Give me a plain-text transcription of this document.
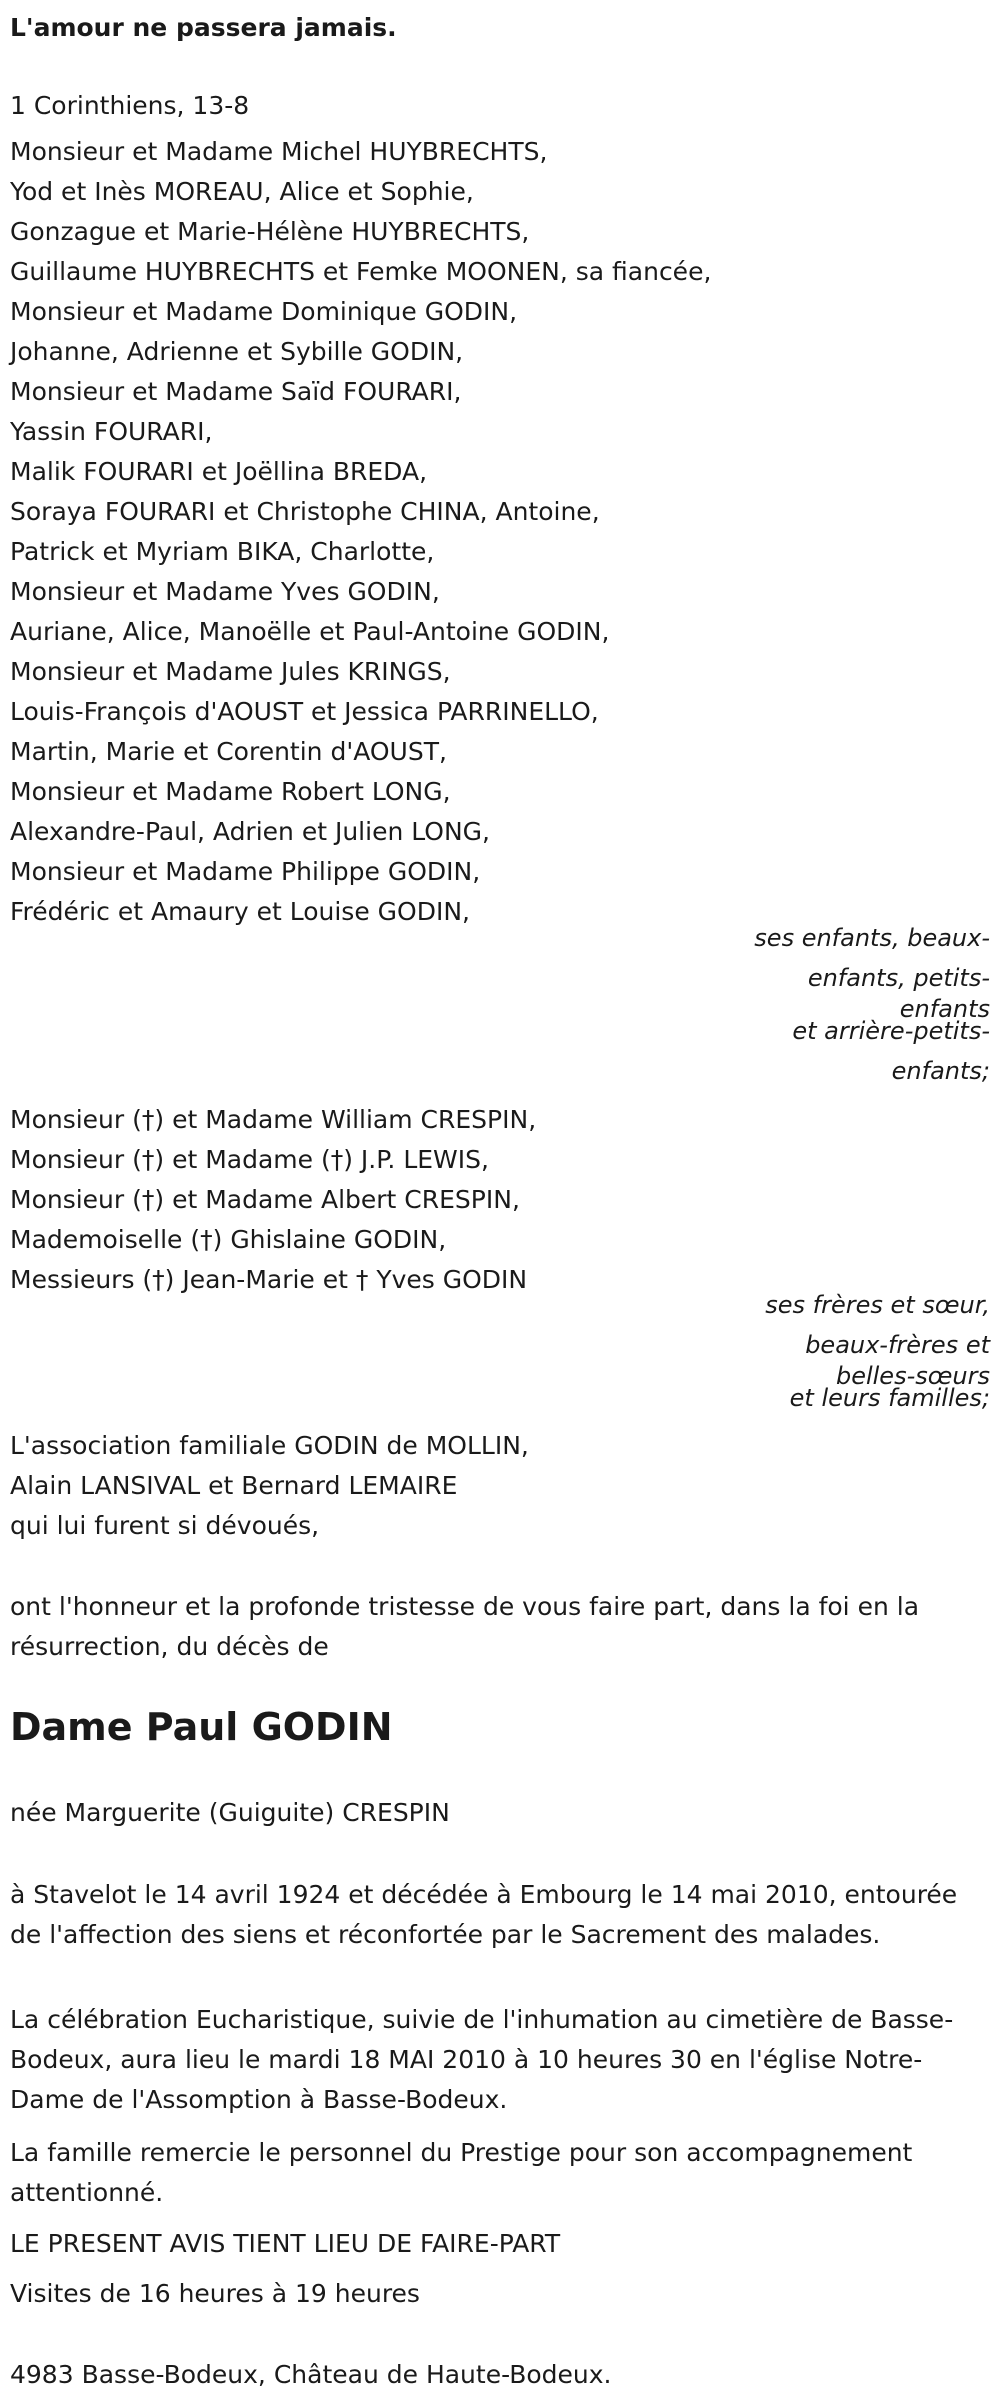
L'amour ne passera jamais.
1 Corinthiens, 13-8
Monsieur et Madame Michel HUYBRECHTS,
Yod et Inès MOREAU, Alice et Sophie,
Gonzague et Marie-Hélène HUYBRECHTS,
Guillaume HUYBRECHTS et Femke MOONEN, sa fiancée,
Monsieur et Madame Dominique GODIN,
Johanne, Adrienne et Sybille GODIN,
Monsieur et Madame Saïd FOURARI,
Yassin FOURARI,
Malik FOURARI et Joëllina BREDA,
Soraya FOURARI et Christophe CHINA, Antoine,
Patrick et Myriam BIKA, Charlotte,
Monsieur et Madame Yves GODIN,
Auriane, Alice, Manoëlle et Paul-Antoine GODIN,
Monsieur et Madame Jules KRINGS,
Louis-François d'AOUST et Jessica PARRINELLO,
Martin, Marie et Corentin d'AOUST,
Monsieur et Madame Robert LONG,
Alexandre-Paul, Adrien et Julien LONG,
Monsieur et Madame Philippe GODIN,
Frédéric et Amaury et Louise GODIN,
ses enfants, beaux-
enfants, petits-
enfants
et arrière-petits-
enfants;
Monsieur (†) et Madame William CRESPIN,
Monsieur (†) et Madame (†) J.P. LEWIS,
Monsieur (†) et Madame Albert CRESPIN,
Mademoiselle (†) Ghislaine GODIN,
Messieurs (†) Jean-Marie et † Yves GODIN
ses frères et sœur,
beaux-frères et
belles-sœurs
et leurs familles;
L'association familiale GODIN de MOLLIN,
Alain LANSIVAL et Bernard LEMAIRE
qui lui furent si dévoués,
ont l'honneur et la profonde tristesse de vous faire part, dans la foi en la résurrection, du décès de
Dame Paul GODIN
née Marguerite (Guiguite) CRESPIN
à Stavelot le 14 avril 1924 et décédée à Embourg le 14 mai 2010, entourée de l'affection des siens et réconfortée par le Sacrement des malades.
La célébration Eucharistique, suivie de l'inhumation au cimetière de Basse-Bodeux, aura lieu le mardi 18 MAI 2010 à 10 heures 30 en l'église Notre-Dame de l'Assomption à Basse-Bodeux.
La famille remercie le personnel du Prestige pour son accompagnement attentionné.
LE PRESENT AVIS TIENT LIEU DE FAIRE-PART
Visites de 16 heures à 19 heures
4983 Basse-Bodeux, Château de Haute-Bodeux.
